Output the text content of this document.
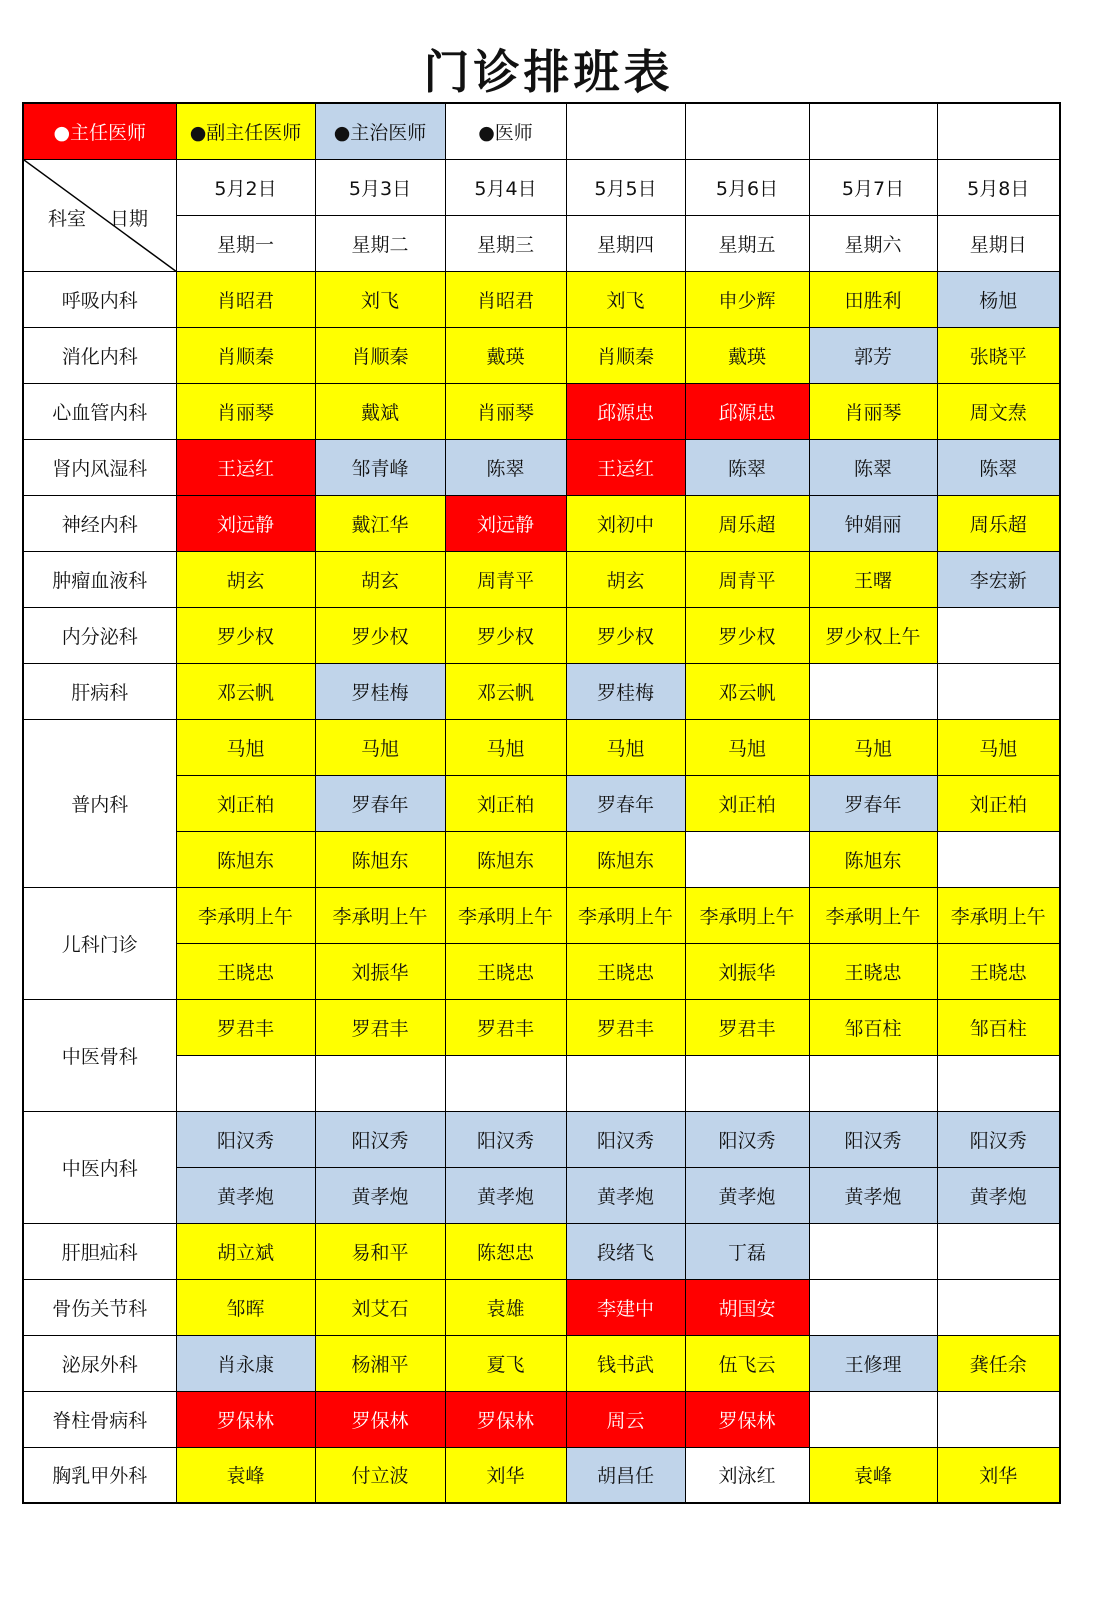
门诊排班表
●主任医师	●副主任医师	●主治医师	●医师				

科室 日期	5月2日	5月3日	5月4日	5月5日	5月6日	5月7日	5月8日
	星期一	星期二	星期三	星期四	星期五	星期六	星期日
呼吸内科	肖昭君	刘飞	肖昭君	刘飞	申少辉	田胜利	杨旭
消化内科	肖顺秦	肖顺秦	戴瑛	肖顺秦	戴瑛	郭芳	张晓平
心血管内科	肖丽琴	戴斌	肖丽琴	邱源忠	邱源忠	肖丽琴	周文焘
肾内风湿科	王运红	邹青峰	陈翠	王运红	陈翠	陈翠	陈翠
神经内科	刘远静	戴江华	刘远静	刘初中	周乐超	钟娟丽	周乐超
肿瘤血液科	胡玄	胡玄	周青平	胡玄	周青平	王曙	李宏新
内分泌科	罗少权	罗少权	罗少权	罗少权	罗少权	罗少权上午	
肝病科	邓云帆	罗桂梅	邓云帆	罗桂梅	邓云帆		
普内科	马旭	马旭	马旭	马旭	马旭	马旭	马旭
	刘正柏	罗春年	刘正柏	罗春年	刘正柏	罗春年	刘正柏
	陈旭东	陈旭东	陈旭东	陈旭东		陈旭东	
儿科门诊	李承明上午	李承明上午	李承明上午	李承明上午	李承明上午	李承明上午	李承明上午
	王晓忠	刘振华	王晓忠	王晓忠	刘振华	王晓忠	王晓忠
中医骨科	罗君丰	罗君丰	罗君丰	罗君丰	罗君丰	邹百柱	邹百柱

中医内科	阳汉秀	阳汉秀	阳汉秀	阳汉秀	阳汉秀	阳汉秀	阳汉秀
	黄孝炮	黄孝炮	黄孝炮	黄孝炮	黄孝炮	黄孝炮	黄孝炮
肝胆疝科	胡立斌	易和平	陈恕忠	段绪飞	丁磊		
骨伤关节科	邹晖	刘艾石	袁雄	李建中	胡国安		
泌尿外科	肖永康	杨湘平	夏飞	钱书武	伍飞云	王修理	龚任余
脊柱骨病科	罗保林	罗保林	罗保林	周云	罗保林		
胸乳甲外科	袁峰	付立波	刘华	胡昌任	刘泳红	袁峰	刘华
